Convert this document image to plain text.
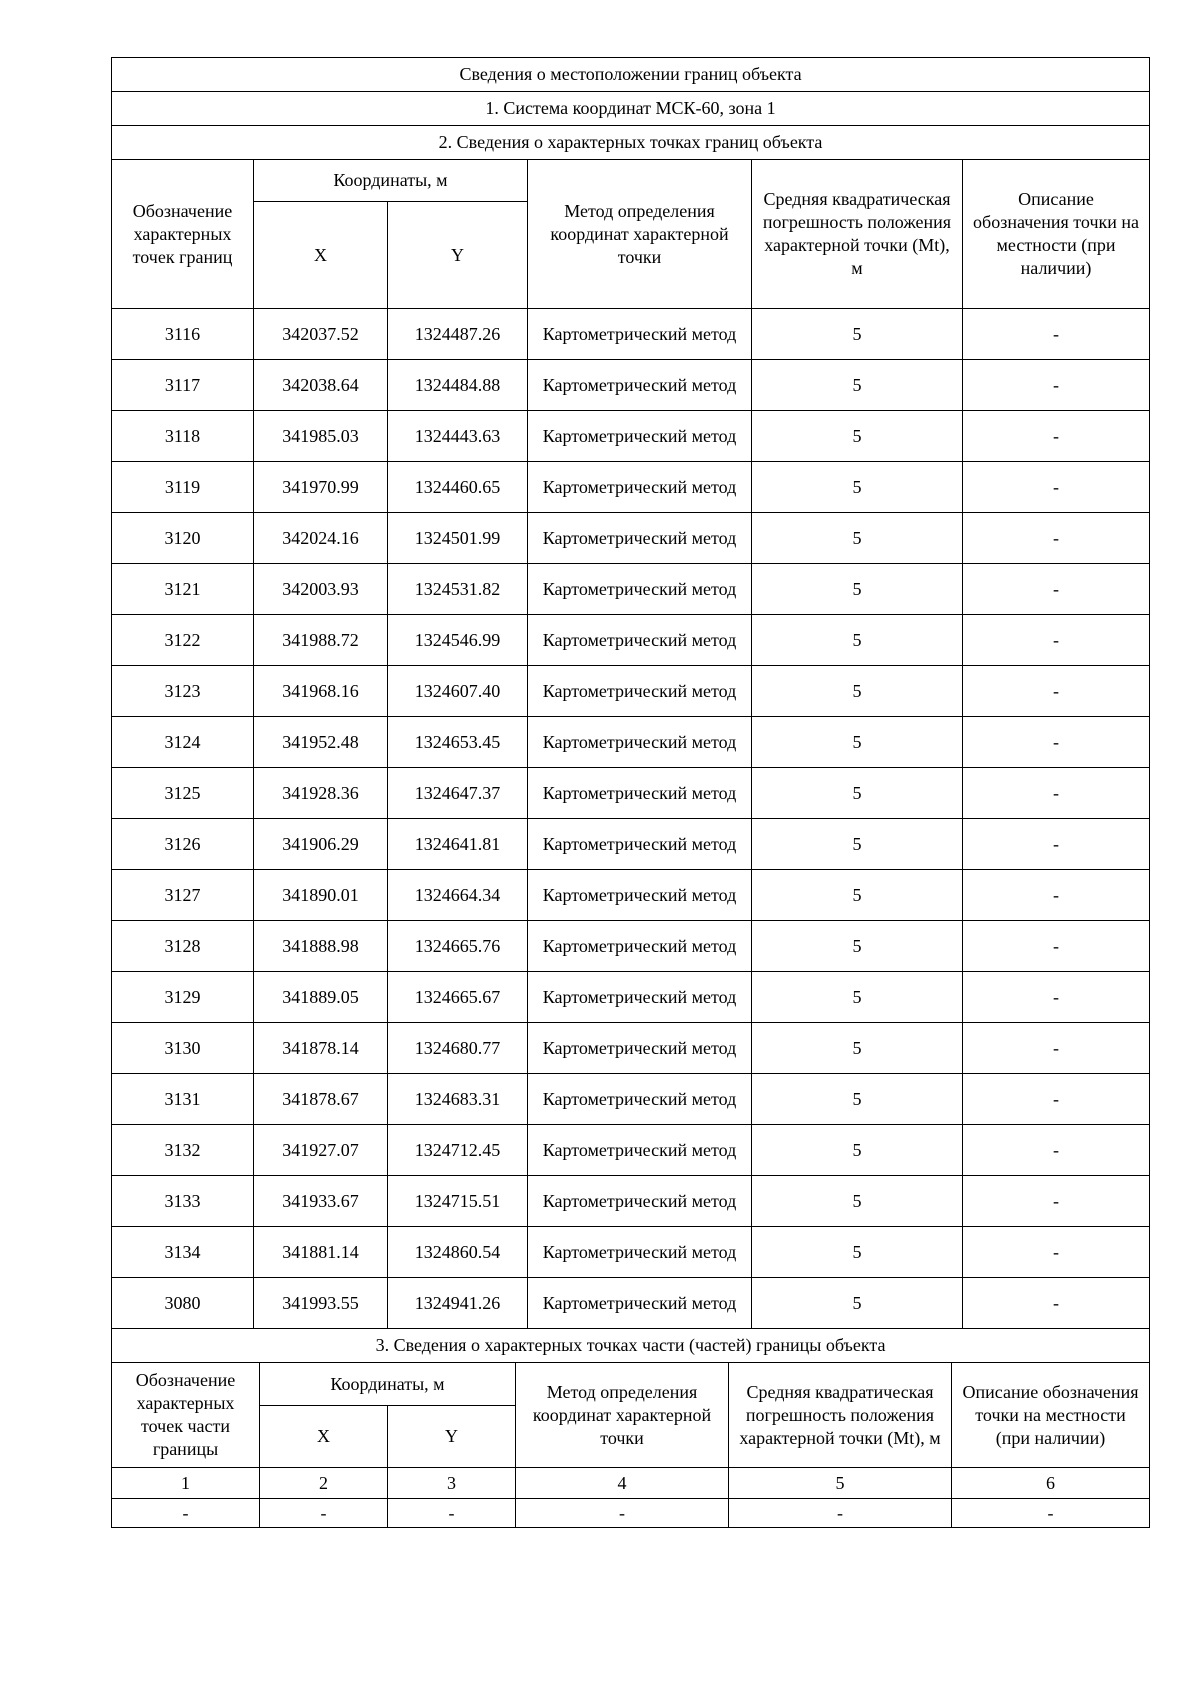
Сведения о местоположении границ объекта					
1. Система координат МСК-60, зона 1					
2. Сведения о характерных точках границ объекта					
Обозначение характерных точек границ	Координаты, м		Метод определения координат характерной точки	Средняя квадратическая погрешность положения характерной точки (Mt), м	Описание обозначения точки на местности (при наличии)
	X	Y			
3116	342037.52	1324487.26	Картометрический метод	5	-
3117	342038.64	1324484.88	Картометрический метод	5	-
3118	341985.03	1324443.63	Картометрический метод	5	-
3119	341970.99	1324460.65	Картометрический метод	5	-
3120	342024.16	1324501.99	Картометрический метод	5	-
3121	342003.93	1324531.82	Картометрический метод	5	-
3122	341988.72	1324546.99	Картометрический метод	5	-
3123	341968.16	1324607.40	Картометрический метод	5	-
3124	341952.48	1324653.45	Картометрический метод	5	-
3125	341928.36	1324647.37	Картометрический метод	5	-
3126	341906.29	1324641.81	Картометрический метод	5	-
3127	341890.01	1324664.34	Картометрический метод	5	-
3128	341888.98	1324665.76	Картометрический метод	5	-
3129	341889.05	1324665.67	Картометрический метод	5	-
3130	341878.14	1324680.77	Картометрический метод	5	-
3131	341878.67	1324683.31	Картометрический метод	5	-
3132	341927.07	1324712.45	Картометрический метод	5	-
3133	341933.67	1324715.51	Картометрический метод	5	-
3134	341881.14	1324860.54	Картометрический метод	5	-
3080	341993.55	1324941.26	Картометрический метод	5	-
3. Сведения о характерных точках части (частей) границы объекта					
Обозначение характерных точек части границы	Координаты, м		Метод определения координат характерной точки	Средняя квадратическая погрешность положения характерной точки (Mt), м	Описание обозначения точки на местности (при наличии)
	X	Y			
1	2	3	4	5	6
-	-	-	-	-	-
